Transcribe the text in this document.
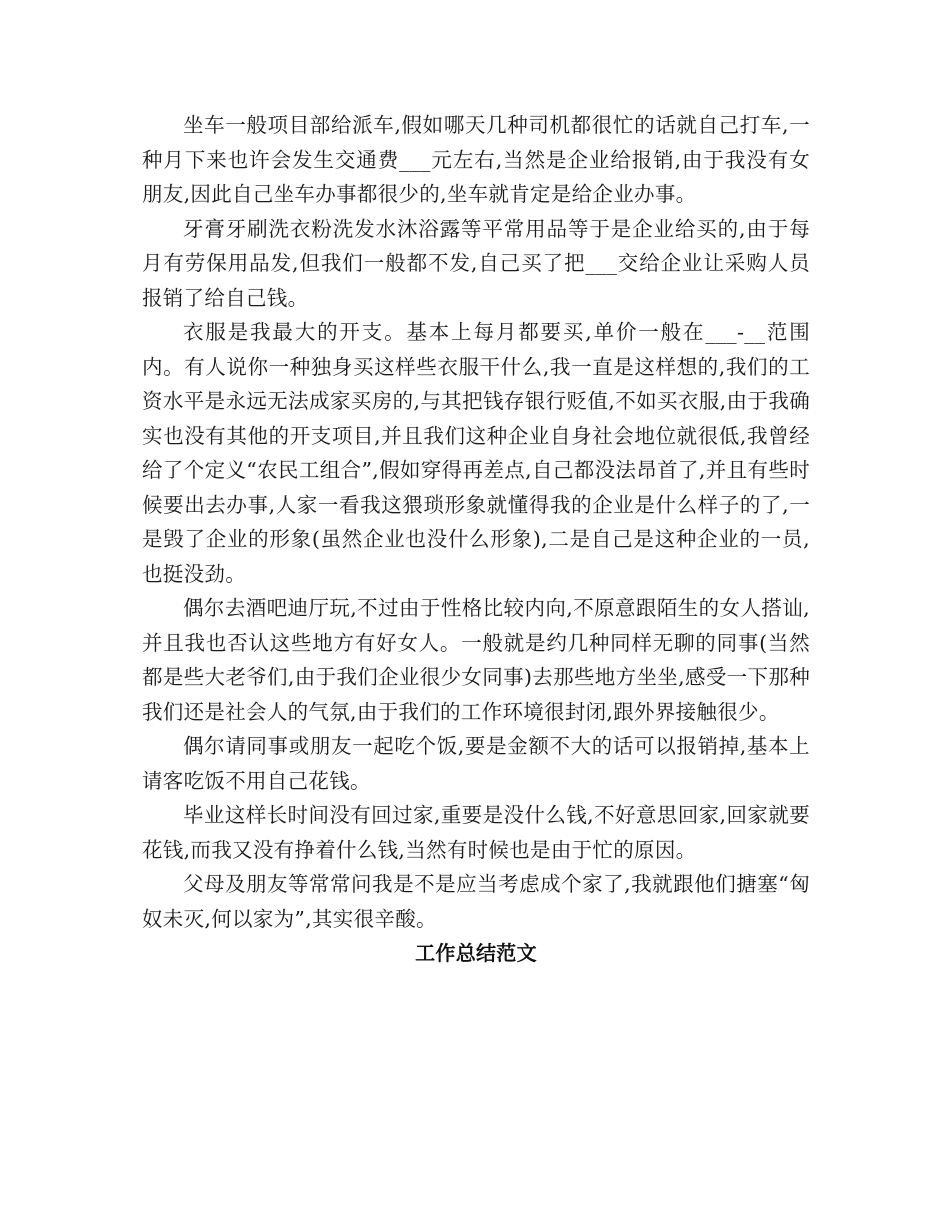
坐车一般项目部给派车,假如哪天几种司机都很忙的话就自己打车,一种月下来也许会发生交通费___元左右,当然是企业给报销,由于我没有女朋友,因此自己坐车办事都很少的,坐车就肯定是给企业办事。

牙膏牙刷洗衣粉洗发水沐浴露等平常用品等于是企业给买的,由于每月有劳保用品发,但我们一般都不发,自己买了把___交给企业让采购人员报销了给自己钱。

衣服是我最大的开支。基本上每月都要买,单价一般在___-__范围内。有人说你一种独身买这样些衣服干什么,我一直是这样想的,我们的工资水平是永远无法成家买房的,与其把钱存银行贬值,不如买衣服,由于我确实也没有其他的开支项目,并且我们这种企业自身社会地位就很低,我曾经给了个定义“农民工组合”,假如穿得再差点,自己都没法昂首了,并且有些时候要出去办事,人家一看我这猥琐形象就懂得我的企业是什么样子的了,一是毁了企业的形象(虽然企业也没什么形象),二是自己是这种企业的一员,也挺没劲。

偶尔去酒吧迪厅玩,不过由于性格比较内向,不原意跟陌生的女人搭讪,并且我也否认这些地方有好女人。一般就是约几种同样无聊的同事(当然都是些大老爷们,由于我们企业很少女同事)去那些地方坐坐,感受一下那种我们还是社会人的气氛,由于我们的工作环境很封闭,跟外界接触很少。

偶尔请同事或朋友一起吃个饭,要是金额不大的话可以报销掉,基本上请客吃饭不用自己花钱。

毕业这样长时间没有回过家,重要是没什么钱,不好意思回家,回家就要花钱,而我又没有挣着什么钱,当然有时候也是由于忙的原因。

父母及朋友等常常问我是不是应当考虑成个家了,我就跟他们搪塞“匈奴未灭,何以家为”,其实很辛酸。

工作总结范文
